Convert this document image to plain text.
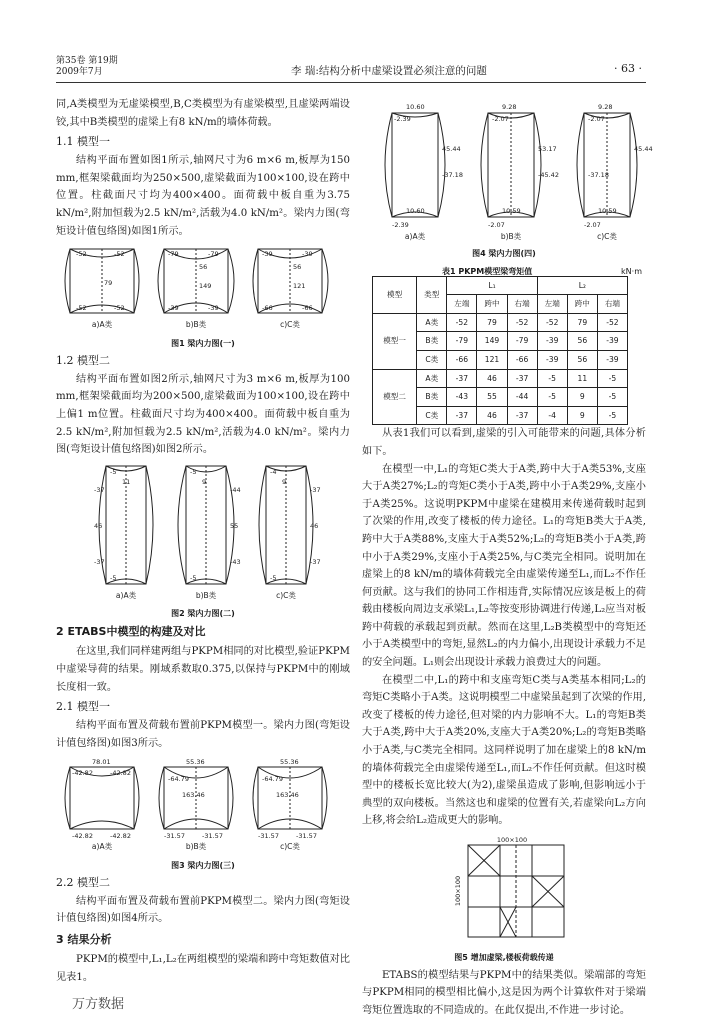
第35卷 第19期
2009年7月	李 瑞:结构分析中虚梁设置必须注意的问题	· 63 ·

同,A类模型为无虚梁模型,B,C类模型为有虚梁模型,且虚梁两端设铰,其中B类模型的虚梁上有8 kN/m的墙体荷载。

1.1 模型一

结构平面布置如图1所示,轴网尺寸为6 m×6 m,板厚为150 mm,框架梁截面均为250×500,虚梁截面为100×100,设在跨中位置。柱截面尺寸均为400×400。面荷载中板自重为3.75 kN/m²,附加恒载为2.5 kN/m²,活载为4.0 kN/m²。梁内力图(弯矩设计值包络图)如图1所示。

-52	-52
79
-52	-52
-79	-79
56
149
-39	-39
-39	-39
56
121
-66	-66
a)A类	b)B类	c)C类
图1 梁内力图(一)
1.2 模型二

结构平面布置如图2所示,轴网尺寸为3 m×6 m,板厚为100 mm,框架梁截面均为200×500,虚梁截面为100×100,设在跨中上偏1 m位置。柱截面尺寸均为400×400。面荷载中板自重为2.5 kN/m²,附加恒载为2.5 kN/m²,活载为4.0 kN/m²。梁内力图(弯矩设计值包络图)如图2所示。

-5
-5
11
-37
46
-37
-5
-5
9
-44
55
-43
-4
-5
9
-37
46
-37
a)A类	b)B类	c)C类
图2 梁内力图(二)
2 ETABS中模型的构建及对比

在这里,我们同样建两组与PKPM相同的对比模型,验证PKPM中虚梁导荷的结果。刚域系数取0.375,以保持与PKPM中的刚域长度相一致。

2.1 模型一

结构平面布置及荷载布置前PKPM模型一。梁内力图(弯矩设计值包络图)如图3所示。

78.01
-42.82	-42.82
-42.82	-42.82
55.36
-31.57	-31.57
163.46
-64.79
55.36
-31.57	-31.57
163.46
-64.79
a)A类	b)B类	c)C类
图3 梁内力图(三)
2.2 模型二

结构平面布置及荷载布置前PKPM模型二。梁内力图(弯矩设计值包络图)如图4所示。

3 结果分析

PKPM的模型中,L₁,L₂在两组模型的梁端和跨中弯矩数值对比见表1。

10.60
-2.39
-2.39
45.44
-37.18
10.60
9.28
-2.07
-2.07
53.17
-45.42
10.59
9.28
-2.07
-2.07
45.44
-37.18
10.59
a)A类	b)B类	c)C类
图4 梁内力图(四)
表1 PKPM模型梁弯矩值	kN·m
模型	类型	L₁			L₂		
		左端	跨中	右端	左端	跨中	右端
模型一	A类	-52	79	-52	-52	79	-52
	B类	-79	149	-79	-39	56	-39
	C类	-66	121	-66	-39	56	-39
模型二	A类	-37	46	-37	-5	11	-5
	B类	-43	55	-44	-5	9	-5
	C类	-37	46	-37	-4	9	-5

从表1我们可以看到,虚梁的引入可能带来的问题,具体分析如下。

在模型一中,L₁的弯矩C类大于A类,跨中大于A类53%,支座大于A类27%;L₂的弯矩C类小于A类,跨中小于A类29%,支座小于A类25%。这说明PKPM中虚梁在建模用来传递荷载时起到了次梁的作用,改变了楼板的传力途径。L₁的弯矩B类大于A类,跨中大于A类88%,支座大于A类52%;L₂的弯矩B类小于A类,跨中小于A类29%,支座小于A类25%,与C类完全相同。说明加在虚梁上的8 kN/m的墙体荷载完全由虚梁传递至L₁,而L₂不作任何贡献。这与我们的协同工作相违背,实际情况应该是板上的荷载由楼板向周边支承梁L₁,L₂等按变形协调进行传递,L₂应当对板跨中荷载的承载起到贡献。然而在这里,L₂B类模型中的弯矩还小于A类模型中的弯矩,显然L₂的内力偏小,出现设计承载力不足的安全问题。L₁则会出现设计承载力浪费过大的问题。

在模型二中,L₁的跨中和支座弯矩C类与A类基本相同;L₂的弯矩C类略小于A类。这说明模型二中虚梁虽起到了次梁的作用,改变了楼板的传力途径,但对梁的内力影响不大。L₁的弯矩B类大于A类,跨中大于A类20%,支座大于A类20%;L₂的弯矩B类略小于A类,与C类完全相同。这同样说明了加在虚梁上的8 kN/m的墙体荷载完全由虚梁传递至L₁,而L₂不作任何贡献。但这时模型中的楼板长宽比较大(为2),虚梁虽造成了影响,但影响远小于典型的双向楼板。当然这也和虚梁的位置有关,若虚梁向L₂方向上移,将会给L₂造成更大的影响。

100×100
100×100
图5 增加虚梁,楼板荷载传递

ETABS的模型结果与PKPM中的结果类似。梁端部的弯矩与PKPM相同的模型相比偏小,这是因为两个计算软件对于梁端弯矩位置选取的不同造成的。在此仅提出,不作进一步讨论。

万方数据
